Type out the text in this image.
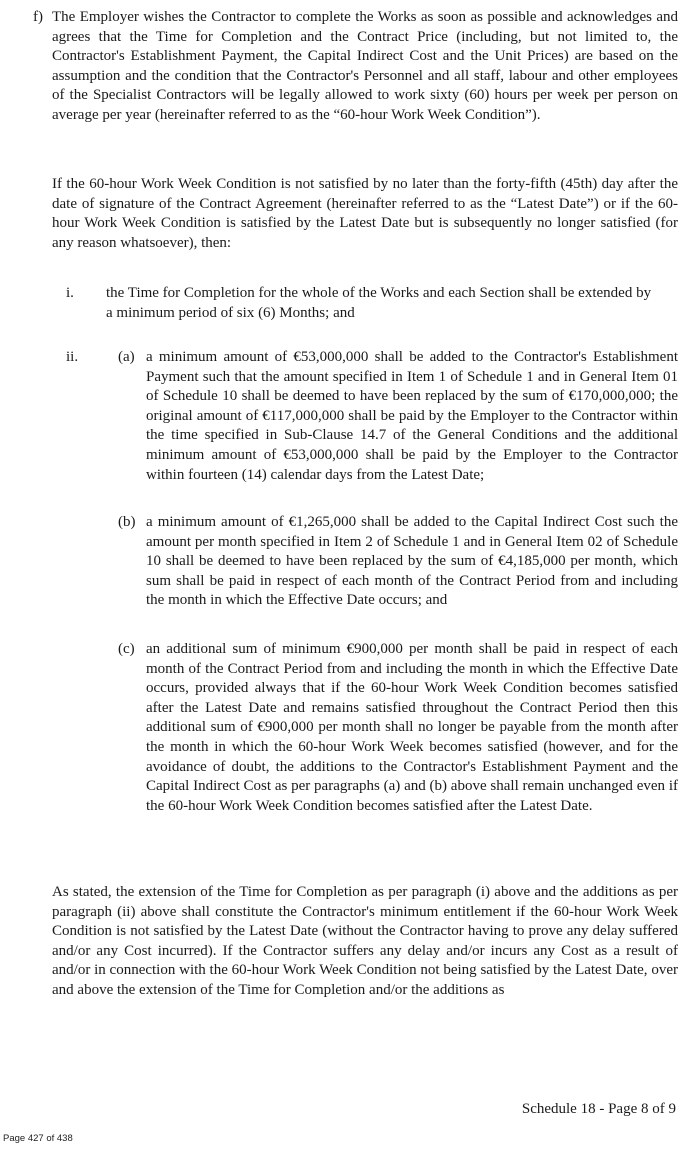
f) The Employer wishes the Contractor to complete the Works as soon as possible and acknowledges and agrees that the Time for Completion and the Contract Price (including, but not limited to, the Contractor's Establishment Payment, the Capital Indirect Cost and the Unit Prices) are based on the assumption and the condition that the Contractor's Personnel and all staff, labour and other employees of the Specialist Contractors will be legally allowed to work sixty (60) hours per week per person on average per year (hereinafter referred to as the “60-hour Work Week Condition”).

If the 60-hour Work Week Condition is not satisfied by no later than the forty-fifth (45th) day after the date of signature of the Contract Agreement (hereinafter referred to as the “Latest Date”) or if the 60-hour Work Week Condition is satisfied by the Latest Date but is subsequently no longer satisfied (for any reason whatsoever), then:

i. the Time for Completion for the whole of the Works and each Section shall be extended by a minimum period of six (6) Months; and

ii.	(a) a minimum amount of €53,000,000 shall be added to the Contractor's Establishment Payment such that the amount specified in Item 1 of Schedule 1 and in General Item 01 of Schedule 10 shall be deemed to have been replaced by the sum of €170,000,000; the original amount of €117,000,000 shall be paid by the Employer to the Contractor within the time specified in Sub-Clause 14.7 of the General Conditions and the additional minimum amount of €53,000,000 shall be paid by the Employer to the Contractor within fourteen (14) calendar days from the Latest Date;

(b) a minimum amount of €1,265,000 shall be added to the Capital Indirect Cost such the amount per month specified in Item 2 of Schedule 1 and in General Item 02 of Schedule 10 shall be deemed to have been replaced by the sum of €4,185,000 per month, which sum shall be paid in respect of each month of the Contract Period from and including the month in which the Effective Date occurs; and

(c) an additional sum of minimum €900,000 per month shall be paid in respect of each month of the Contract Period from and including the month in which the Effective Date occurs, provided always that if the 60-hour Work Week Condition becomes satisfied after the Latest Date and remains satisfied throughout the Contract Period then this additional sum of €900,000 per month shall no longer be payable from the month after the month in which the 60-hour Work Week becomes satisfied (however, and for the avoidance of doubt, the additions to the Contractor's Establishment Payment and the Capital Indirect Cost as per paragraphs (a) and (b) above shall remain unchanged even if the 60-hour Work Week Condition becomes satisfied after the Latest Date.

As stated, the extension of the Time for Completion as per paragraph (i) above and the additions as per paragraph (ii) above shall constitute the Contractor's minimum entitlement if the 60-hour Work Week Condition is not satisfied by the Latest Date (without the Contractor having to prove any delay suffered and/or any Cost incurred). If the Contractor suffers any delay and/or incurs any Cost as a result of and/or in connection with the 60-hour Work Week Condition not being satisfied by the Latest Date, over and above the extension of the Time for Completion and/or the additions as

Schedule 18 - Page 8 of 9
Page 427 of 438
